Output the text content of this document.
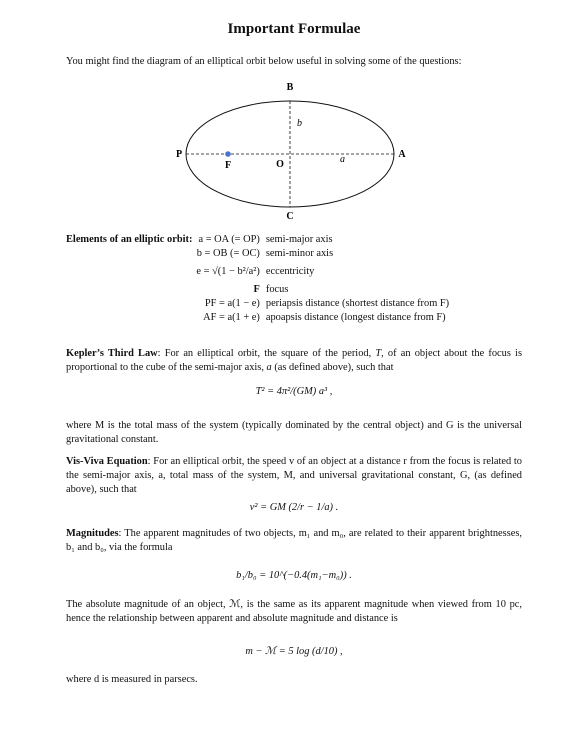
Important Formulae
You might find the diagram of an elliptical orbit below useful in solving some of the questions:
B
C
P	A
F	O
b
a
Elements of an elliptic orbit:	a = OA (= OP)	semi-major axis
	b = OB (= OC)	semi-minor axis
	e = √(1 − b²/a²)	eccentricity
	F	focus
	PF = a(1 − e)	periapsis distance (shortest distance from F)
	AF = a(1 + e)	apoapsis distance (longest distance from F)
Kepler’s Third Law: For an elliptical orbit, the square of the period, T, of an object about the focus is proportional to the cube of the semi-major axis, a (as defined above), such that
T² = 4π²/(GM) a³ ,
where M is the total mass of the system (typically dominated by the central object) and G is the universal gravitational constant.
Vis-Viva Equation: For an elliptical orbit, the speed v of an object at a distance r from the focus is related to the semi-major axis, a, total mass of the system, M, and universal gravitational constant, G, (as defined above), such that
v² = GM (2/r − 1/a) .
Magnitudes: The apparent magnitudes of two objects, m₁ and m₀, are related to their apparent brightnesses, b₁ and b₀, via the formula
b₁/b₀ = 10^(−0.4(m₁−m₀)) .
The absolute magnitude of an object, ℳ, is the same as its apparent magnitude when viewed from 10 pc, hence the relationship between apparent and absolute magnitude and distance is
m − ℳ = 5 log (d/10) ,
where d is measured in parsecs.
